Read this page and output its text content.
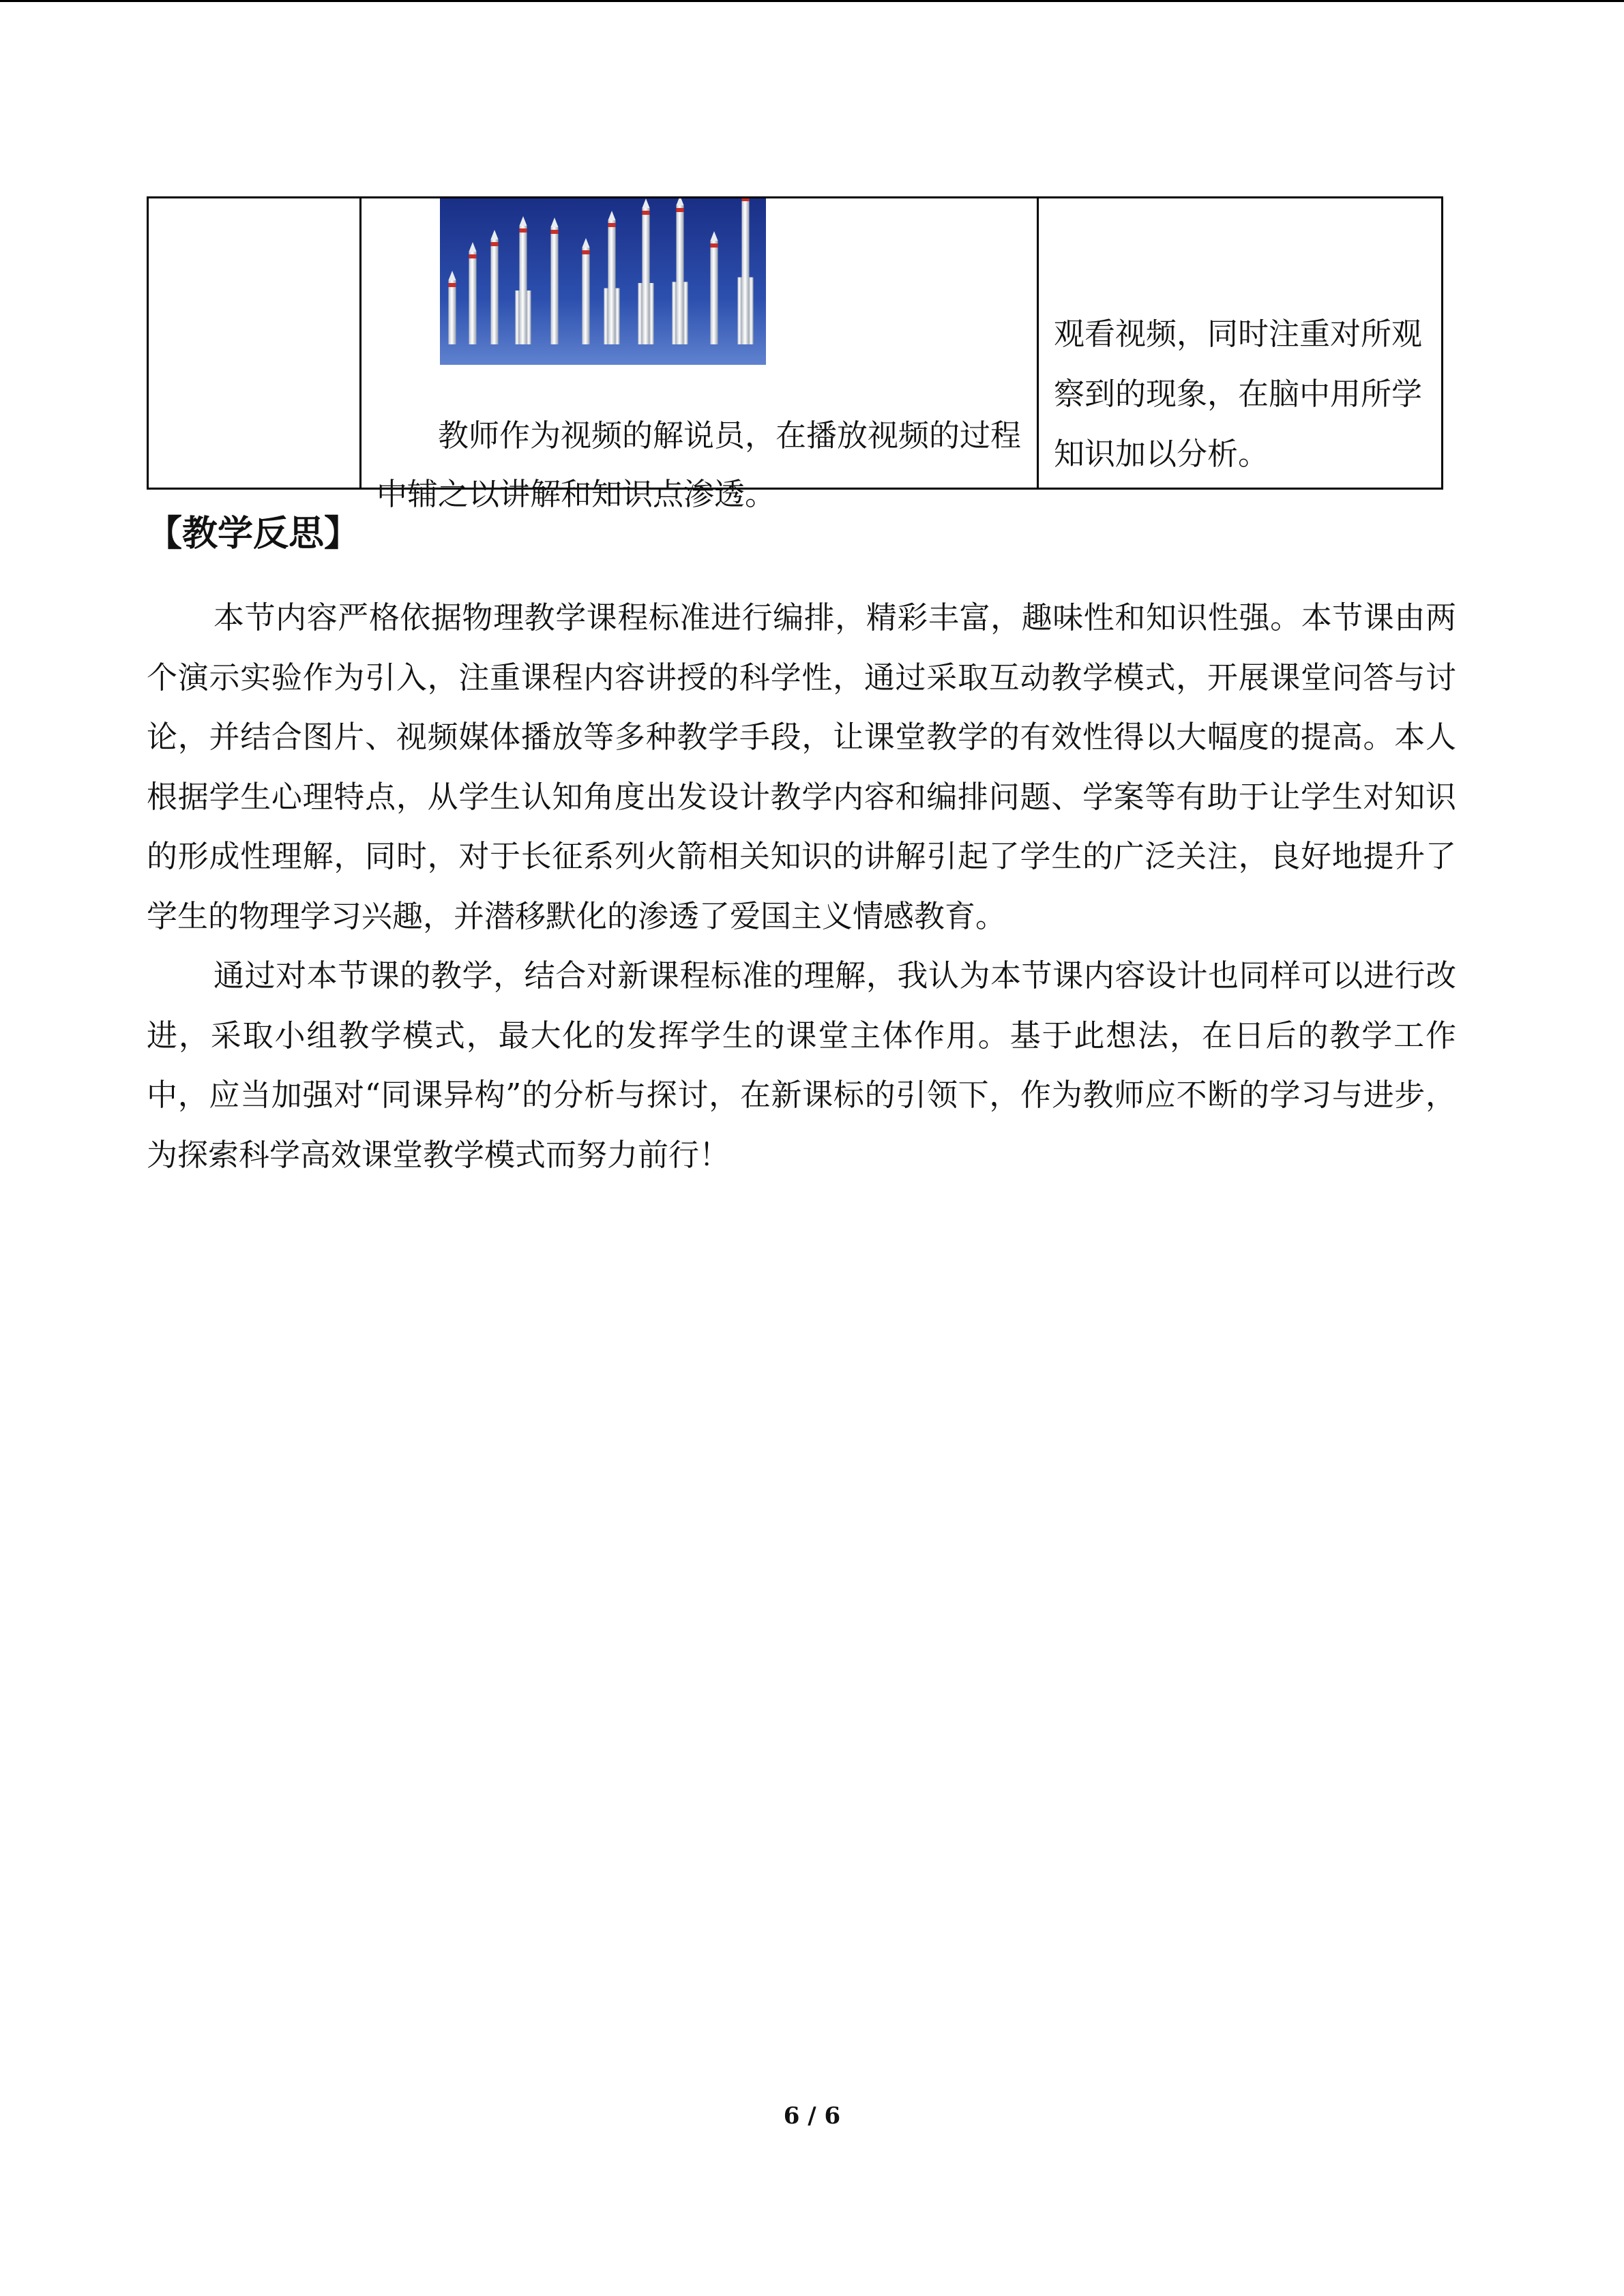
教师作为视频的解说员，在播放视频的过程中辅之以讲解和知识点渗透。

观看视频，同时注重对所观察到的现象，在脑中用所学知识加以分析。

【教学反思】

本节内容严格依据物理教学课程标准进行编排，精彩丰富，趣味性和知识性强。本节课由两个演示实验作为引入，注重课程内容讲授的科学性，通过采取互动教学模式，开展课堂问答与讨论，并结合图片、视频媒体播放等多种教学手段，让课堂教学的有效性得以大幅度的提高。本人根据学生心理特点，从学生认知角度出发设计教学内容和编排问题、学案等有助于让学生对知识的形成性理解，同时，对于长征系列火箭相关知识的讲解引起了学生的广泛关注，良好地提升了学生的物理学习兴趣，并潜移默化的渗透了爱国主义情感教育。

通过对本节课的教学，结合对新课程标准的理解，我认为本节课内容设计也同样可以进行改进，采取小组教学模式，最大化的发挥学生的课堂主体作用。基于此想法，在日后的教学工作中，应当加强对“同课异构”的分析与探讨，在新课标的引领下，作为教师应不断的学习与进步，为探索科学高效课堂教学模式而努力前行！

6 / 6
